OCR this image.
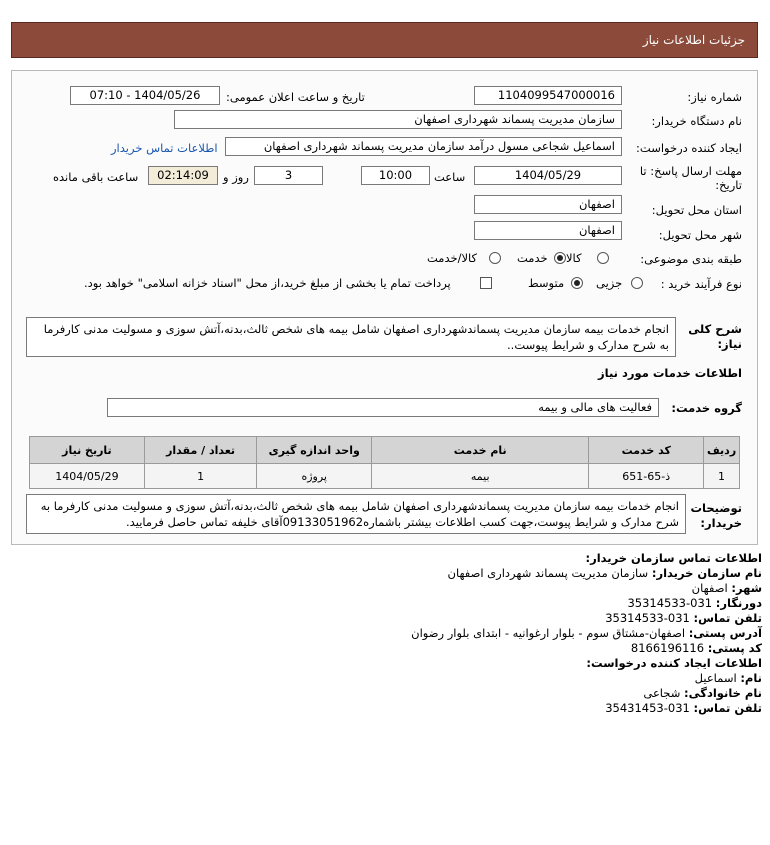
جزئیات اطلاعات نیاز
شماره نیاز:
1104099547000016
تاریخ و ساعت اعلان عمومی:
1404/05/26 - 07:10
نام دستگاه خریدار:
سازمان مدیریت پسماند شهرداری اصفهان
ایجاد کننده درخواست:
اسماعیل شجاعی مسول درآمد سازمان مدیریت پسماند شهرداری اصفهان
اطلاعات تماس خریدار
مهلت ارسال پاسخ: تا
تاریخ:
1404/05/29
ساعت
10:00
3
روز و
02:14:09
ساعت باقی مانده
استان محل تحویل:
اصفهان
شهر محل تحویل:
اصفهان
طبقه بندی موضوعی:
کالا
خدمت
کالا/خدمت
نوع فرآیند خرید :
جزیی
متوسط
پرداخت تمام یا بخشی از مبلغ خرید،از محل "اسناد خزانه اسلامی" خواهد بود.
شرح کلی
نیاز:
انجام خدمات بیمه سازمان مدیریت پسماندشهرداری اصفهان شامل بیمه های شخص ثالث،بدنه،آتش سوزی و مسولیت مدنی کارفرما به شرح مدارک و شرایط پیوست..
اطلاعات خدمات مورد نیاز
گروه خدمت:
فعالیت های مالی و بیمه
ردیف	کد خدمت	نام خدمت	واحد اندازه گیری	تعداد / مقدار	تاریخ نیاز
1	ذ-65-651	بیمه	پروژه	1	1404/05/29
توضیحات
خریدار:
انجام خدمات بیمه سازمان مدیریت پسماندشهرداری اصفهان شامل بیمه های شخص ثالث،بدنه،آتش سوزی و مسولیت مدنی کارفرما به شرح مدارک و شرایط پیوست،جهت کسب اطلاعات بیشتر باشماره09133051962آقای خلیفه تماس حاصل فرمایید.
اطلاعات تماس سازمان خریدار:
نام سازمان خریدار: سازمان مدیریت پسماند شهرداری اصفهان
شهر: اصفهان
دورنگار: 031-35314533
تلفن تماس: 031-35314533
آدرس پستی: اصفهان-مشتاق سوم - بلوار ارغوانیه - ابتدای بلوار رضوان
کد پستی: 8166196116
اطلاعات ایجاد کننده درخواست:
نام: اسماعیل
نام خانوادگی: شجاعی
تلفن تماس: 031-35431453
